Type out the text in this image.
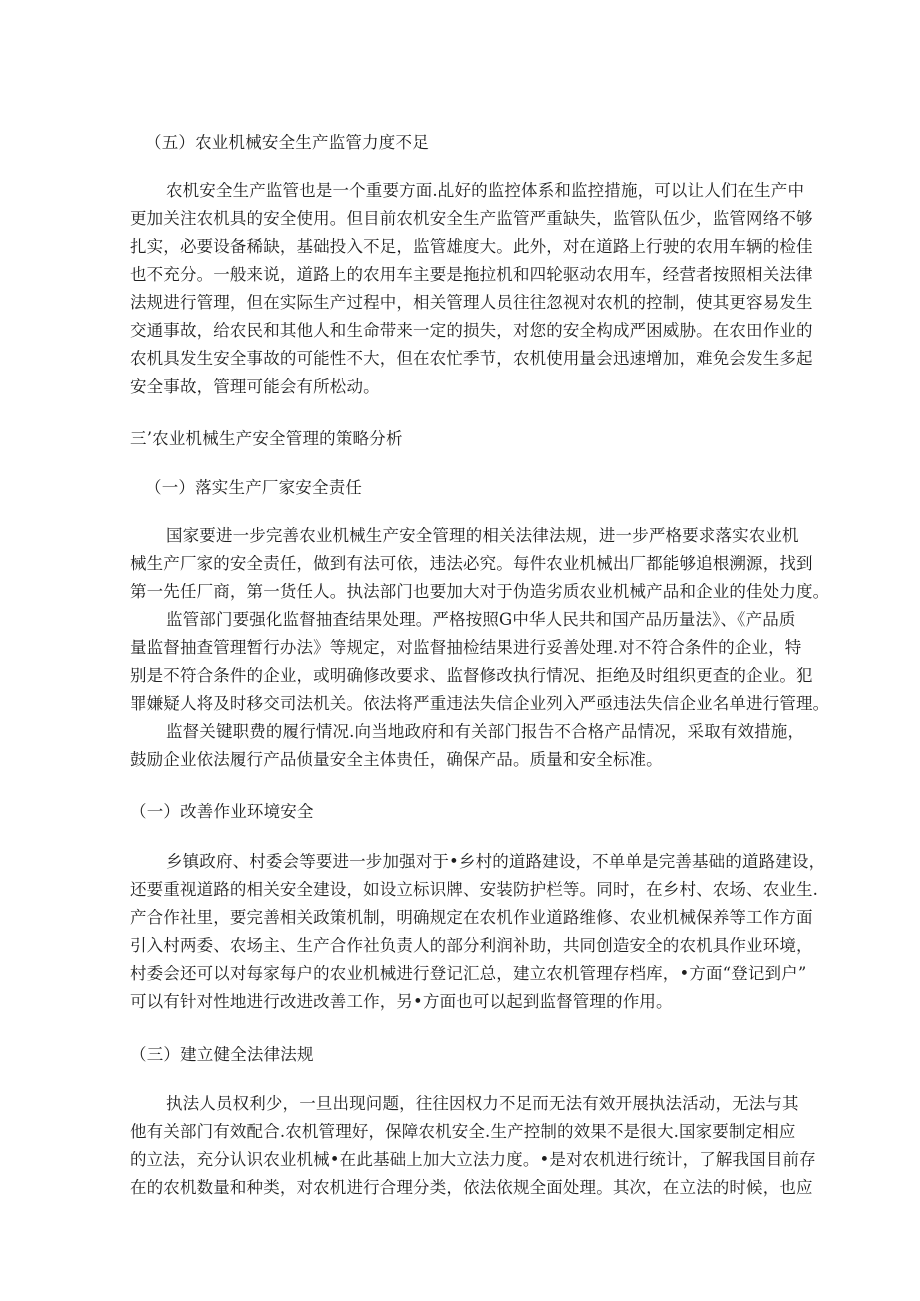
（五）农业机械安全生产监管力度不足
农机安全生产监管也是一个重要方面.乩好的监控体系和监控措施，可以让人们在生产中
更加关注农机具的安全使用。但目前农机安全生产监管严重缺失，监管队伍少，监管网络不够
扎实，必要设备稀缺，基础投入不足，监管雄度大。此外，对在道路上行驶的农用车辆的检佳
也不充分。一般来说，道路上的农用车主要是拖拉机和四轮驱动农用车，经营者按照相关法律
法规进行管理，但在实际生产过程中，相关管理人员往往忽视对农机的控制，使其更容易发生
交通事故，给农民和其他人和生命带来一定的损失，对您的安全构成严困威胁。在农田作业的
农机具发生安全事故的可能性不大，但在农忙季节，农机使用量会迅速增加，难免会发生多起
安全事故，管理可能会有所松动。
三’农业机械生产安全管理的策略分析
（一）落实生产厂家安全责任
国家要进一步完善农业机械生产安全管理的相关法律法规，进一步严格要求落实农业机
械生产厂家的安全责任，做到有法可依，违法必究。每件农业机械出厂都能够追根溯源，找到
第一先任厂商，第一货任人。执法部门也要加大对于伪造劣质农业机械产品和企业的佳处力度。
监管部门要强化监督抽査结果处理。严格按照G中华人民共和国产品历量法》、《产品质
量监督抽查管理暂行办法》等规定，对监督抽检结果进行妥善处理.对不符合条件的企业，特
别是不符合条件的企业，或明确修改要求、监督修改执行情况、拒绝及时组织更查的企业。犯
罪嫌疑人将及时移交司法机关。依法将严重违法失信企业列入严亟违法失信企业名单进行管理。
监督关键职费的履行情况.向当地政府和有关部门报告不合格产品情况，采取有效措施，
鼓励企业依法履行产品侦量安全主体贵任，确保产品。质量和安全标准。
（一）改善作业环境安全
乡镇政府、村委会等要进一步加强对于•乡村的道路建设，不单单是完善基础的道路建设，
还要重视道路的相关安全建设，如设立标识牌、安装防护栏等。同时，在乡村、农场、农业生.
产合作社里，要完善相关政策机制，明确规定在农机作业道路维修、农业机械保养等工作方面
引入村两委、农场主、生产合作社负责人的部分利润补助，共同创造安全的农机具作业环境，
村委会还可以对每家每户的农业机械进行登记汇总，建立农机管理存档库，•方面“登记到户”
可以有针对性地进行改进改善工作，另•方面也可以起到监督管理的作用。
（三）建立健全法律法规
执法人员权利少，一旦出现问题，往往因权力不足而无法有效开展执法活动，无法与其
他有关部门有效配合.农机管理好，保障农机安全.生产控制的效果不是很大.国家要制定相应
的立法，充分认识农业机械•在此基础上加大立法力度。•是对农机进行统计，了解我国目前存
在的农机数量和种类，对农机进行合理分类，依法依规全面处理。其次，在立法的时候，也应
